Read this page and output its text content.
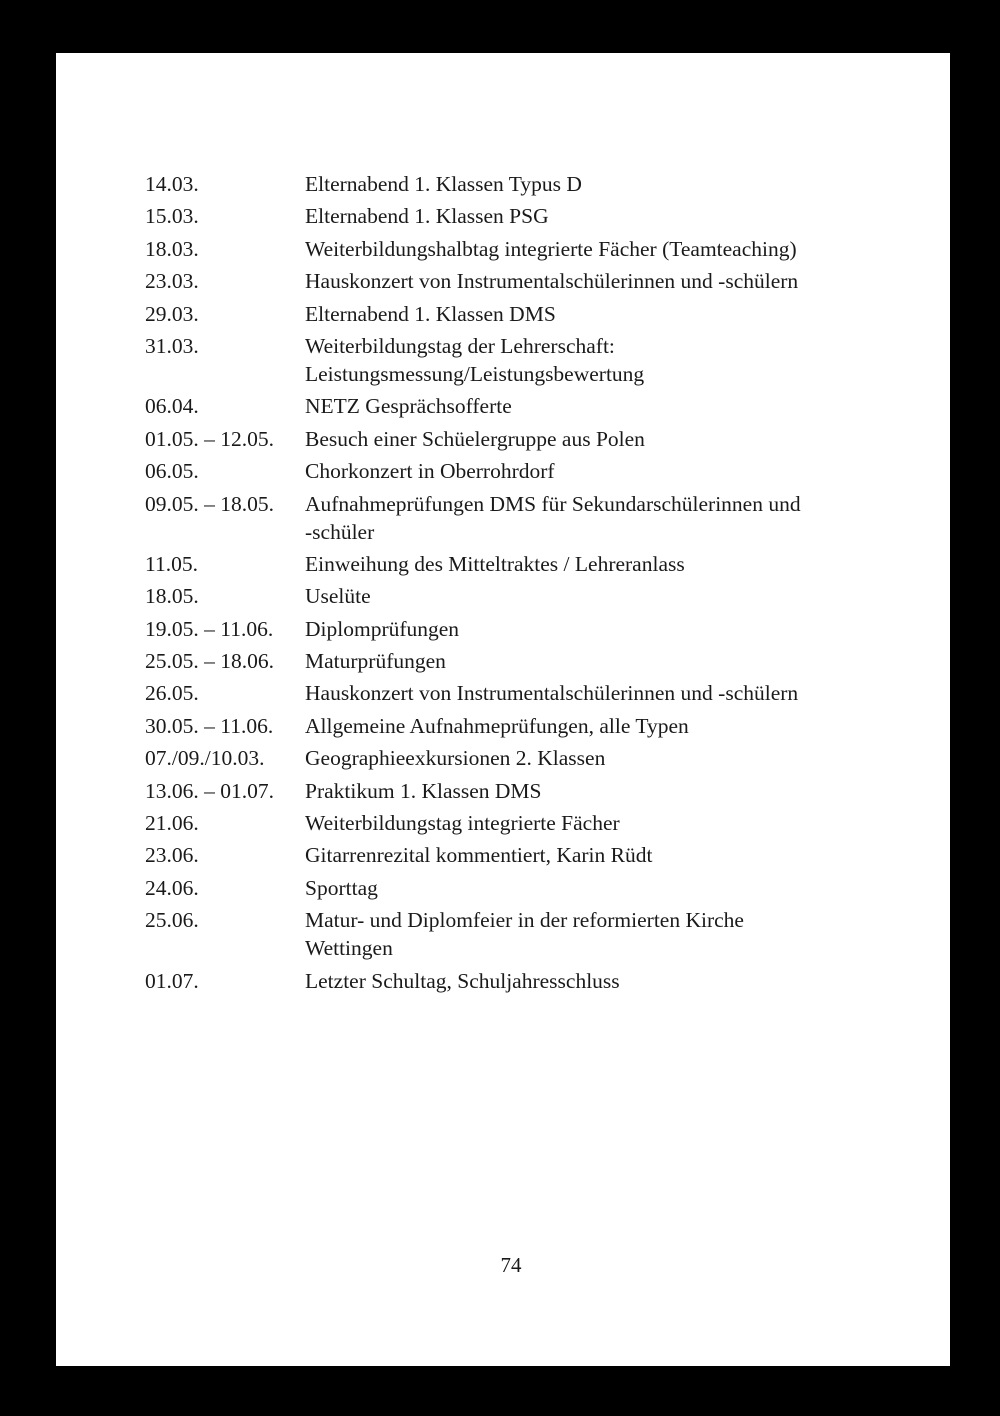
14.03.	Elternabend 1. Klassen Typus D
15.03.	Elternabend 1. Klassen PSG
18.03.	Weiterbildungshalbtag integrierte Fächer (Teamteaching)
23.03.	Hauskonzert von Instrumentalschülerinnen und -schülern
29.03.	Elternabend 1. Klassen DMS
31.03.	Weiterbildungstag der Lehrerschaft:
Leistungsmessung/Leistungsbewertung
06.04.	NETZ Gesprächsofferte
01.05. – 12.05.	Besuch einer Schüelergruppe aus Polen
06.05.	Chorkonzert in Oberrohrdorf
09.05. – 18.05.	Aufnahmeprüfungen DMS für Sekundarschülerinnen und
-schüler
11.05.	Einweihung des Mitteltraktes / Lehreranlass
18.05.	Uselüte
19.05. – 11.06.	Diplomprüfungen
25.05. – 18.06.	Maturprüfungen
26.05.	Hauskonzert von Instrumentalschülerinnen und -schülern
30.05. – 11.06.	Allgemeine Aufnahmeprüfungen, alle Typen
07./09./10.03.	Geographieexkursionen 2. Klassen
13.06. – 01.07.	Praktikum 1. Klassen DMS
21.06.	Weiterbildungstag integrierte Fächer
23.06.	Gitarrenrezital kommentiert, Karin Rüdt
24.06.	Sporttag
25.06.	Matur- und Diplomfeier in der reformierten Kirche
Wettingen
01.07.	Letzter Schultag, Schuljahresschluss
74
